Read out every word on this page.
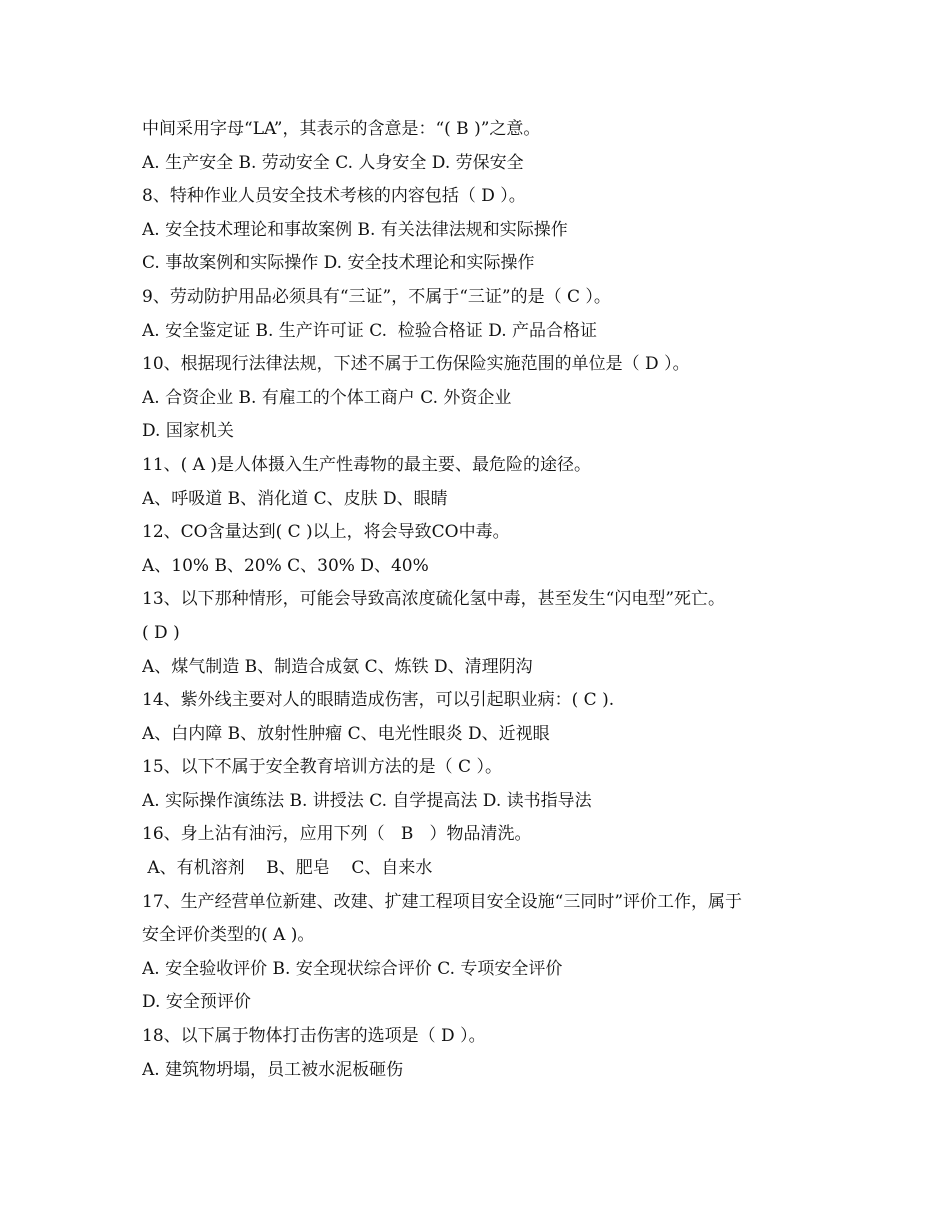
中间采用字母“LA”，其表示的含意是：“( B )”之意。
A. 生产安全 B. 劳动安全 C. 人身安全 D. 劳保安全
8、特种作业人员安全技术考核的内容包括（ D ）。
A. 安全技术理论和事故案例 B. 有关法律法规和实际操作
C. 事故案例和实际操作 D. 安全技术理论和实际操作
9、劳动防护用品必须具有“三证”，不属于“三证”的是（ C ）。
A. 安全鉴定证 B. 生产许可证 C.  检验合格证 D. 产品合格证
10、根据现行法律法规，下述不属于工伤保险实施范围的单位是（ D ）。
A. 合资企业 B. 有雇工的个体工商户 C. 外资企业
D. 国家机关
11、( A )是人体摄入生产性毒物的最主要、最危险的途径。
A、呼吸道 B、消化道 C、皮肤 D、眼睛
12、CO含量达到( C )以上，将会导致CO中毒。
A、10% B、20% C、30% D、40%
13、以下那种情形，可能会导致高浓度硫化氢中毒，甚至发生“闪电型”死亡。
( D )
A、煤气制造 B、制造合成氨 C、炼铁 D、清理阴沟
14、紫外线主要对人的眼睛造成伤害，可以引起职业病：( C ).
A、白内障 B、放射性肿瘤 C、电光性眼炎 D、近视眼
15、以下不属于安全教育培训方法的是（ C ）。
A. 实际操作演练法 B. 讲授法 C. 自学提高法 D. 读书指导法
16、身上沾有油污，应用下列（   B   ）物品清洗。
A、有机溶剂    B、肥皂    C、自来水
17、生产经营单位新建、改建、扩建工程项目安全设施“三同时”评价工作，属于
安全评价类型的( A )。
A. 安全验收评价 B. 安全现状综合评价 C. 专项安全评价
D. 安全预评价
18、以下属于物体打击伤害的选项是（ D ）。
A. 建筑物坍塌，员工被水泥板砸伤
